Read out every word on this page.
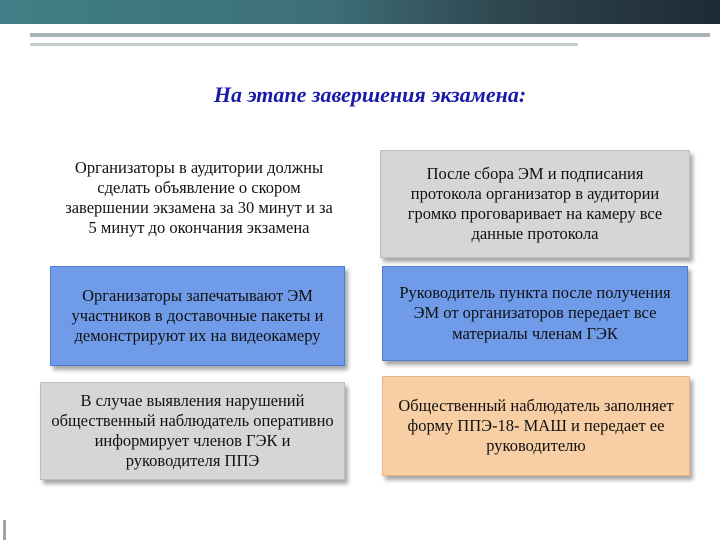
На этапе завершения экзамена:
Организаторы в аудитории должны сделать объявление о скором завершении экзамена за 30 минут и за 5 минут до окончания экзамена
После сбора ЭМ и подписания протокола организатор в аудитории громко проговаривает на камеру все данные протокола
Организаторы запечатывают ЭМ участников в доставочные пакеты и демонстрируют их на видеокамеру
Руководитель пункта после получения ЭМ от организаторов передает все материалы членам ГЭК
В случае выявления нарушений общественный наблюдатель оперативно информирует членов ГЭК и руководителя ППЭ
Общественный наблюдатель заполняет форму ППЭ-18- МАШ и передает ее руководителю
